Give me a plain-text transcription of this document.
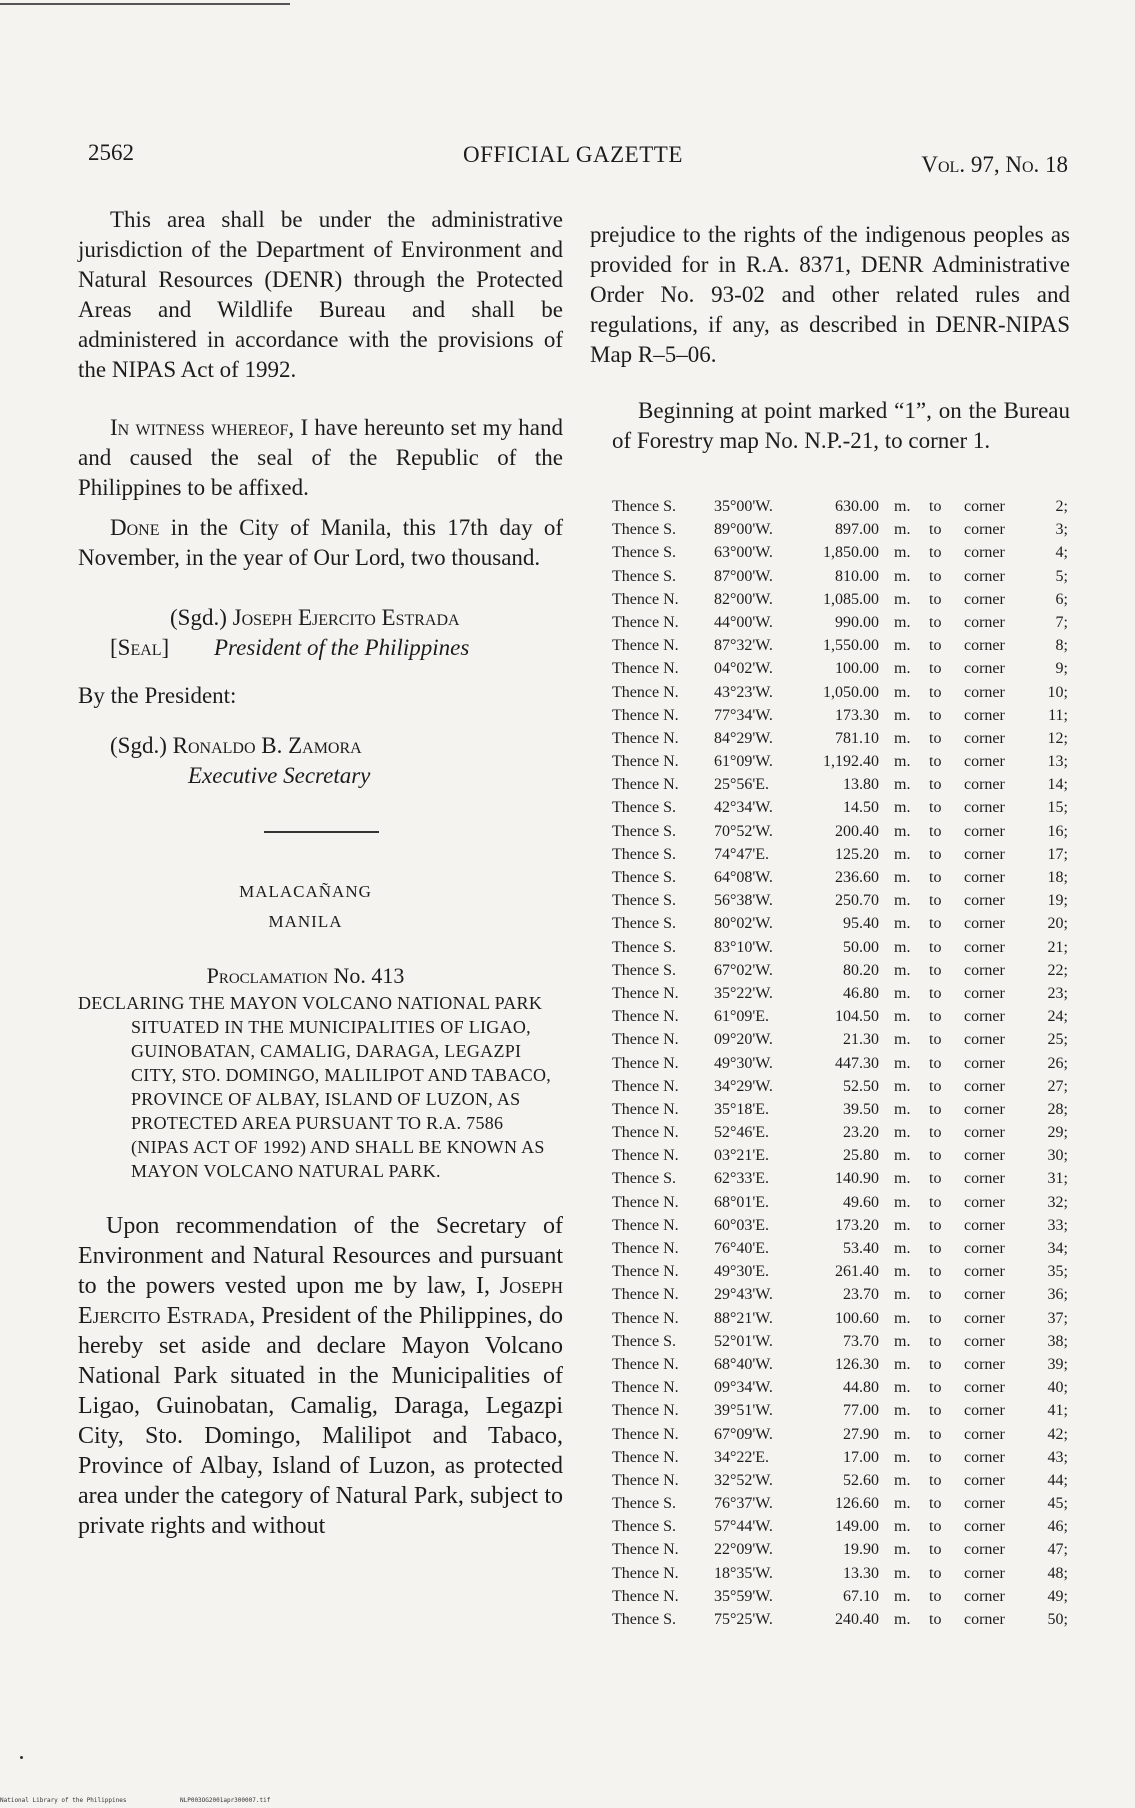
2562	OFFICIAL GAZETTE	Vol. 97, No. 18

This area shall be under the administrative jurisdiction of the Department of Environment and Natural Resources (DENR) through the Protected Areas and Wildlife Bureau and shall be administered in accordance with the provisions of the NIPAS Act of 1992.

In witness whereof, I have hereunto set my hand and caused the seal of the Republic of the Philippines to be affixed.

Done in the City of Manila, this 17th day of November, in the year of Our Lord, two thousand.

(Sgd.) Joseph Ejercito Estrada
[Seal]	President of the Philippines

By the President:

(Sgd.) Ronaldo B. Zamora
Executive Secretary
MALACAÑANG
MANILA
Proclamation No. 413

DECLARING THE MAYON VOLCANO NATIONAL PARK SITUATED IN THE MUNICIPALITIES OF LIGAO, GUINOBATAN, CAMALIG, DARAGA, LEGAZPI CITY, STO. DOMINGO, MALILIPOT AND TABACO, PROVINCE OF ALBAY, ISLAND OF LUZON, AS PROTECTED AREA PURSUANT TO R.A. 7586 (NIPAS ACT OF 1992) AND SHALL BE KNOWN AS MAYON VOLCANO NATURAL PARK.

Upon recommendation of the Secretary of Environment and Natural Resources and pursuant to the powers vested upon me by law, I, Joseph Ejercito Estrada, President of the Philippines, do hereby set aside and declare Mayon Volcano National Park situated in the Municipalities of Ligao, Guinobatan, Camalig, Daraga, Legazpi City, Sto. Domingo, Malilipot and Tabaco, Province of Albay, Island of Luzon, as protected area under the category of Natural Park, subject to private rights and without

prejudice to the rights of the indigenous peoples as provided for in R.A. 8371, DENR Administrative Order No. 93-02 and other related rules and regulations, if any, as described in DENR-NIPAS Map R–5–06.

Beginning at point marked “1”, on the Bureau of Forestry map No. N.P.-21, to corner 1.

Thence S. 35°00'W.	630.00 m. to corner	2;
Thence S. 89°00'W.	897.00 m. to corner	3;
Thence S. 63°00'W.	1,850.00 m. to corner	4;
Thence S. 87°00'W.	810.00 m. to corner	5;
Thence N. 82°00'W.	1,085.00 m. to corner	6;
Thence N. 44°00'W.	990.00 m. to corner	7;
Thence N. 87°32'W.	1,550.00 m. to corner	8;
Thence N. 04°02'W.	100.00 m. to corner	9;
Thence N. 43°23'W.	1,050.00 m. to corner	10;
Thence N. 77°34'W.	173.30 m. to corner	11;
Thence N. 84°29'W.	781.10 m. to corner	12;
Thence N. 61°09'W.	1,192.40 m. to corner	13;
Thence N. 25°56'E.	13.80 m. to corner	14;
Thence S. 42°34'W.	14.50 m. to corner	15;
Thence S. 70°52'W.	200.40 m. to corner	16;
Thence S. 74°47'E.	125.20 m. to corner	17;
Thence S. 64°08'W.	236.60 m. to corner	18;
Thence S. 56°38'W.	250.70 m. to corner	19;
Thence S. 80°02'W.	95.40 m. to corner	20;
Thence S. 83°10'W.	50.00 m. to corner	21;
Thence S. 67°02'W.	80.20 m. to corner	22;
Thence N. 35°22'W.	46.80 m. to corner	23;
Thence N. 61°09'E.	104.50 m. to corner	24;
Thence N. 09°20'W.	21.30 m. to corner	25;
Thence N. 49°30'W.	447.30 m. to corner	26;
Thence N. 34°29'W.	52.50 m. to corner	27;
Thence N. 35°18'E.	39.50 m. to corner	28;
Thence N. 52°46'E.	23.20 m. to corner	29;
Thence N. 03°21'E.	25.80 m. to corner	30;
Thence S. 62°33'E.	140.90 m. to corner	31;
Thence N. 68°01'E.	49.60 m. to corner	32;
Thence N. 60°03'E.	173.20 m. to corner	33;
Thence N. 76°40'E.	53.40 m. to corner	34;
Thence N. 49°30'E.	261.40 m. to corner	35;
Thence N. 29°43'W.	23.70 m. to corner	36;
Thence N. 88°21'W.	100.60 m. to corner	37;
Thence S. 52°01'W.	73.70 m. to corner	38;
Thence N. 68°40'W.	126.30 m. to corner	39;
Thence N. 09°34'W.	44.80 m. to corner	40;
Thence N. 39°51'W.	77.00 m. to corner	41;
Thence N. 67°09'W.	27.90 m. to corner	42;
Thence N. 34°22'E.	17.00 m. to corner	43;
Thence N. 32°52'W.	52.60 m. to corner	44;
Thence S. 76°37'W.	126.60 m. to corner	45;
Thence S. 57°44'W.	149.00 m. to corner	46;
Thence N. 22°09'W.	19.90 m. to corner	47;
Thence N. 18°35'W.	13.30 m. to corner	48;
Thence N. 35°59'W.	67.10 m. to corner	49;
Thence S. 75°25'W.	240.40 m. to corner	50;
National Library of the Philippines	NLP003OG2001apr300007.tif
